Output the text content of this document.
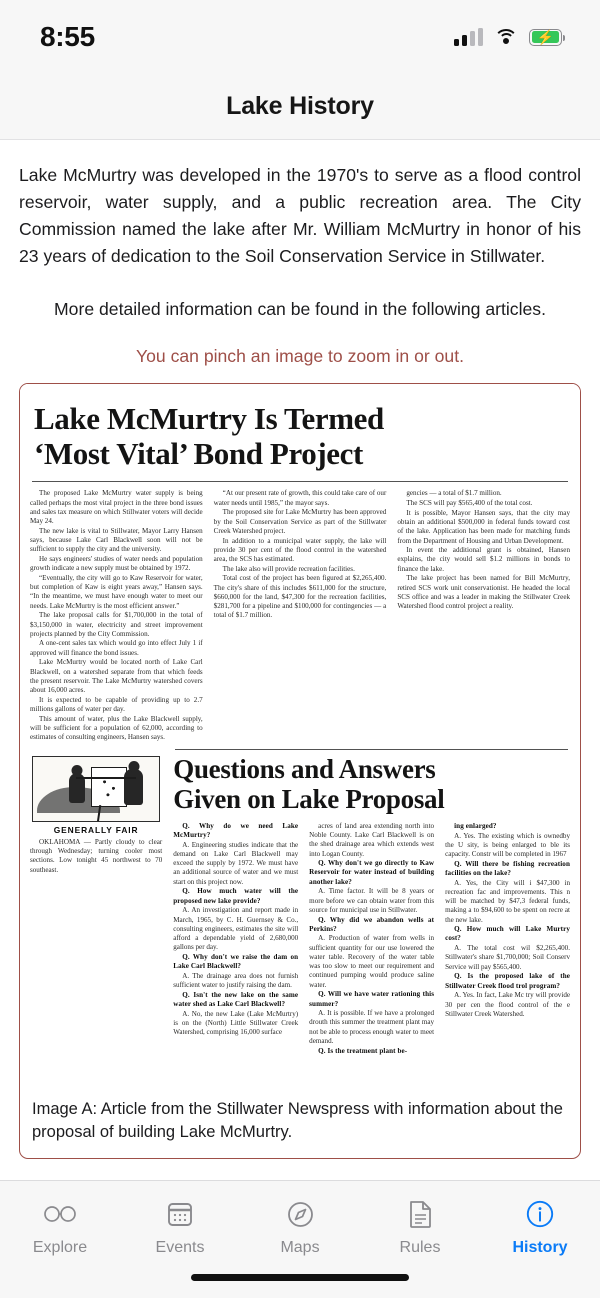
8:55	⚡
Lake History

Lake McMurtry was developed in the 1970's to serve as a flood control reservoir, water supply, and a public recreation area. The City Commission named the lake after Mr. William McMurtry in honor of his 23 years of dedication to the Soil Conservation Service in Stillwater.

More detailed information can be found in the following articles.

You can pinch an image to zoom in or out.

Lake McMurtry Is Termed
‘Most Vital’ Bond Project

The proposed Lake McMurtry water supply is being called perhaps the most vital project in the three bond issues and sales tax measure on which Stillwater voters will decide May 24.

The new lake is vital to Stillwater, Mayor Larry Hansen says, because Lake Carl Blackwell soon will not be sufficient to supply the city and the university.

He says engineers' studies of water needs and population growth indicate a new supply must be obtained by 1972.

“Eventually, the city will go to Kaw Reservoir for water, but completion of Kaw is eight years away,” Hansen says. “In the meantime, we must have enough water to meet our needs. Lake McMurtry is the most efficient answer.”

The lake proposal calls for $1,700,000 in the total of $3,150,000 in water, electricity and street improvement projects planned by the City Commission.

A one-cent sales tax which would go into effect July 1 if approved will finance the bond issues.

Lake McMurtry would be located north of Lake Carl Blackwell, on a watershed separate from that which feeds the present reservoir. The Lake McMurtry watershed covers about 16,000 acres.

It is expected to be capable of providing up to 2.7 millions gallons of water per day.

This amount of water, plus the Lake Blackwell supply, will be sufficient for a population of 62,000, according to estimates of consulting engineers, Hansen says.

“At our present rate of growth, this could take care of our water needs until 1985,” the mayor says.

The proposed site for Lake McMurtry has been approved by the Soil Conservation Service as part of the Stillwater Creek Watershed project.

In addition to a municipal water supply, the lake will provide 30 per cent of the flood control in the watershed area, the SCS has estimated.

The lake also will provide recreation facilities.

Total cost of the project has been figured at $2,265,400. The city's share of this includes $611,000 for the structure, $660,000 for the land, $47,300 for the recreation facilities, $281,700 for a pipeline and $100,000 for contingencies — a total of $1.7 million.

gencies — a total of $1.7 million.

The SCS will pay $565,400 of the total cost.

It is possible, Mayor Hansen says, that the city may obtain an additional $500,000 in federal funds toward cost of the lake. Application has been made for matching funds from the Department of Housing and Urban Development.

In event the additional grant is obtained, Hansen explains, the city would sell $1.2 millions in bonds to finance the lake.

The lake project has been named for Bill McMurtry, retired SCS work unit conservationist. He headed the local SCS office and was a leader in making the Stillwater Creek Watershed flood control project a reality.

GENERALLY FAIR

OKLAHOMA — Partly cloudy to clear through Wednesday; turning cooler most sections. Low tonight 45 northwest to 70 southeast.

Questions and Answers
Given on Lake Proposal

Q. Why do we need Lake McMurtry?

A. Engineering studies indicate that the demand on Lake Carl Blackwell may exceed the supply by 1972. We must have an additional source of water and we must start on this project now.

Q. How much water will the proposed new lake provide?

A. An investigation and report made in March, 1965, by C. H. Guernsey & Co., consulting engineers, estimates the site will afford a dependable yield of 2,680,000 gallons per day.

Q. Why don't we raise the dam on Lake Carl Blackwell?

A. The drainage area does not furnish sufficient water to justify raising the dam.

Q. Isn't the new lake on the same water shed as Lake Carl Blackwell?

A. No, the new Lake (Lake McMurtry) is on the (North) Little Stillwater Creek Watershed, comprising 16,000 surface

acres of land area extending north into Noble County. Lake Carl Blackwell is on the shed drainage area which extends west into Logan County.

Q. Why don't we go directly to Kaw Reservoir for water instead of building another lake?

A. Time factor. It will be 8 years or more before we can obtain water from this source for municipal use in Stillwater.

Q. Why did we abandon wells at Perkins?

A. Production of water from wells in sufficient quantity for our use lowered the water table. Recovery of the water table was too slow to meet our requirement and continued pumping would produce saline water.

Q. Will we have water rationing this summer?

A. It is possible. If we have a prolonged drouth this summer the treatment plant may not be able to process enough water to meet demand.

Q. Is the treatment plant be-

ing enlarged?

A. Yes. The existing which is ownedby the U sity, is being enlarged to ble its capacity. Constr will be completed in 1967

Q. Will there be fishing recreation facilities on the lake?

A. Yes, the City will i $47,300 in recreation fac and improvements. This n will be matched by $47,3 federal funds, making a to $94,600 to be spent on recre at the new lake.

Q. How much will Lake Murtry cost?

A. The total cost wil $2,265,400. Stillwater's share $1,700,000; Soil Conserv Service will pay $565,400.

Q. Is the proposed lake of the Stillwater Creek flood trol program?

A. Yes. In fact, Lake Mc try will provide 30 per cen the flood control of the e Stillwater Creek Watershed.

Image A: Article from the Stillwater Newspress with information about the proposal of building Lake McMurtry.
Explore	Events	Maps	Rules	History
